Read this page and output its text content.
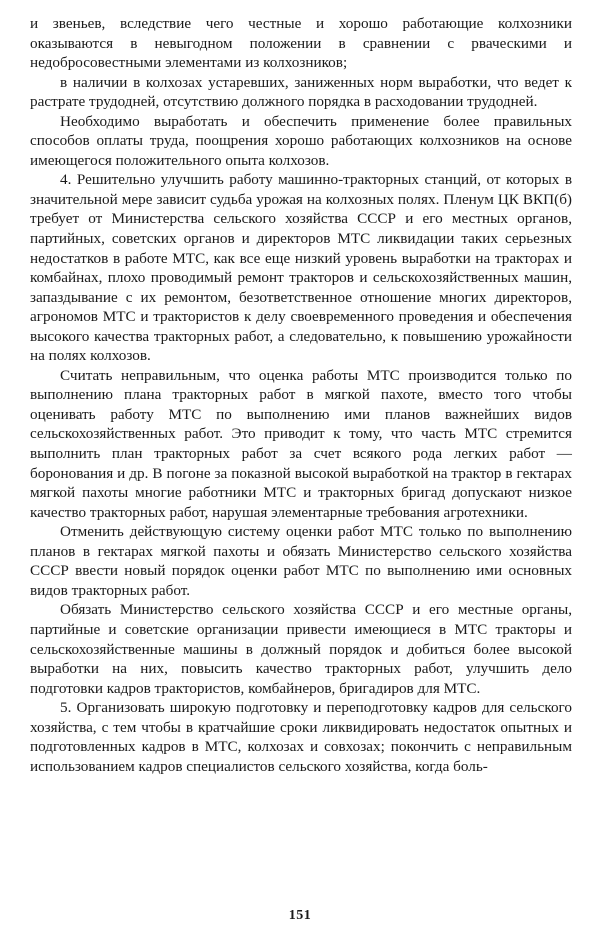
и звеньев, вследствие чего честные и хорошо работающие колхозники оказываются в невыгодном положении в сравнении с рваческими и недобросовестными элементами из колхозников;

в наличии в колхозах устаревших, заниженных норм выработки, что ведет к растрате трудодней, отсутствию должного порядка в расходовании трудодней.

Необходимо выработать и обеспечить применение более правильных способов оплаты труда, поощрения хорошо работающих колхозников на основе имеющегося положительного опыта колхозов.

4. Решительно улучшить работу машинно-тракторных станций, от которых в значительной мере зависит судьба урожая на колхозных полях. Пленум ЦК ВКП(б) требует от Министерства сельского хозяйства СССР и его местных органов, партийных, советских органов и директоров МТС ликвидации таких серьезных недостатков в работе МТС, как все еще низкий уровень выработки на тракторах и комбайнах, плохо проводимый ремонт тракторов и сельскохозяйственных машин, запаздывание с их ремонтом, безответственное отношение многих директоров, агрономов МТС и трактористов к делу своевременного проведения и обеспечения высокого качества тракторных работ, а следовательно, к повышению урожайности на полях колхозов.

Считать неправильным, что оценка работы МТС производится только по выполнению плана тракторных работ в мягкой пахоте, вместо того чтобы оценивать работу МТС по выполнению ими планов важнейших видов сельскохозяйственных работ. Это приводит к тому, что часть МТС стремится выполнить план тракторных работ за счет всякого рода легких работ — боронования и др. В погоне за показной высокой выработкой на трактор в гектарах мягкой пахоты многие работники МТС и тракторных бригад допускают низкое качество тракторных работ, нарушая элементарные требования агротехники.

Отменить действующую систему оценки работ МТС только по выполнению планов в гектарах мягкой пахоты и обязать Министерство сельского хозяйства СССР ввести новый порядок оценки работ МТС по выполнению ими основных видов тракторных работ.

Обязать Министерство сельского хозяйства СССР и его местные органы, партийные и советские организации привести имеющиеся в МТС тракторы и сельскохозяйственные машины в должный порядок и добиться более высокой выработки на них, повысить качество тракторных работ, улучшить дело подготовки кадров трактористов, комбайнеров, бригадиров для МТС.

5. Организовать широкую подготовку и переподготовку кадров для сельского хозяйства, с тем чтобы в кратчайшие сроки ликвидировать недостаток опытных и подготовленных кадров в МТС, колхозах и совхозах; покончить с неправильным использованием кадров специалистов сельского хозяйства, когда боль-

151
